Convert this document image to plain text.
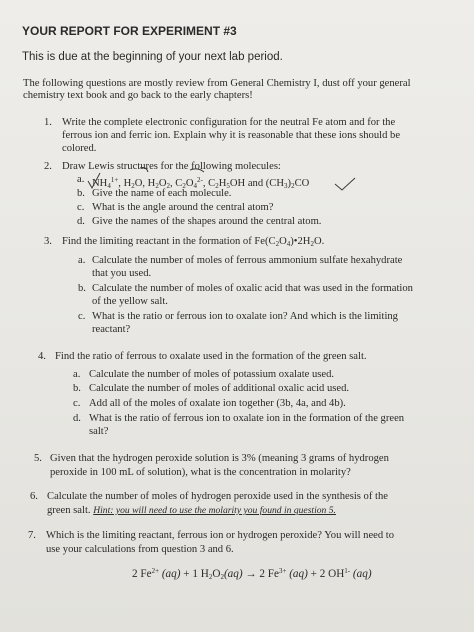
YOUR REPORT FOR EXPERIMENT #3
This is due at the beginning of your next lab period.
The following questions are mostly review from General Chemistry I, dust off your general
chemistry text book and go back to the early chapters!
1. Write the complete electronic configuration for the neutral Fe atom and for the
ferrous ion and ferric ion. Explain why it is reasonable that these ions should be
colored.
2. Draw Lewis structures for the following molecules:
a. $NH_4^{1+}$, $H_2O$, $H_2O_2$, $C_2O_4^{2-}$, $C_2H_5OH$ and $(CH_3)_2CO$
b. Give the name of each molecule.
c. What is the angle around the central atom?
d. Give the names of the shapes around the central atom.
3. Find the limiting reactant in the formation of $Fe(C_2O_4)•2H_2O$.
a. Calculate the number of moles of ferrous ammonium sulfate hexahydrate
that you used.
b. Calculate the number of moles of oxalic acid that was used in the formation
of the yellow salt.
c. What is the ratio or ferrous ion to oxalate ion? And which is the limiting
reactant?
4. Find the ratio of ferrous to oxalate used in the formation of the green salt.
a. Calculate the number of moles of potassium oxalate used.
b. Calculate the number of moles of additional oxalic acid used.
c. Add all of the moles of oxalate ion together (3b, 4a, and 4b).
d. What is the ratio of ferrous ion to oxalate ion in the formation of the green
salt?
5. Given that the hydrogen peroxide solution is 3% (meaning 3 grams of hydrogen
peroxide in 100 mL of solution), what is the concentration in molarity?
6. Calculate the number of moles of hydrogen peroxide used in the synthesis of the
green salt. Hint: you will need to use the molarity you found in question 5.
7. Which is the limiting reactant, ferrous ion or hydrogen peroxide? You will need to
use your calculations from question 3 and 6.
2 $Fe^{2+}$ (aq) + 1 $H_2O_2(aq) \to 2$ $Fe^{3+}$ (aq) + 2 $OH^{1-}$ (aq)
